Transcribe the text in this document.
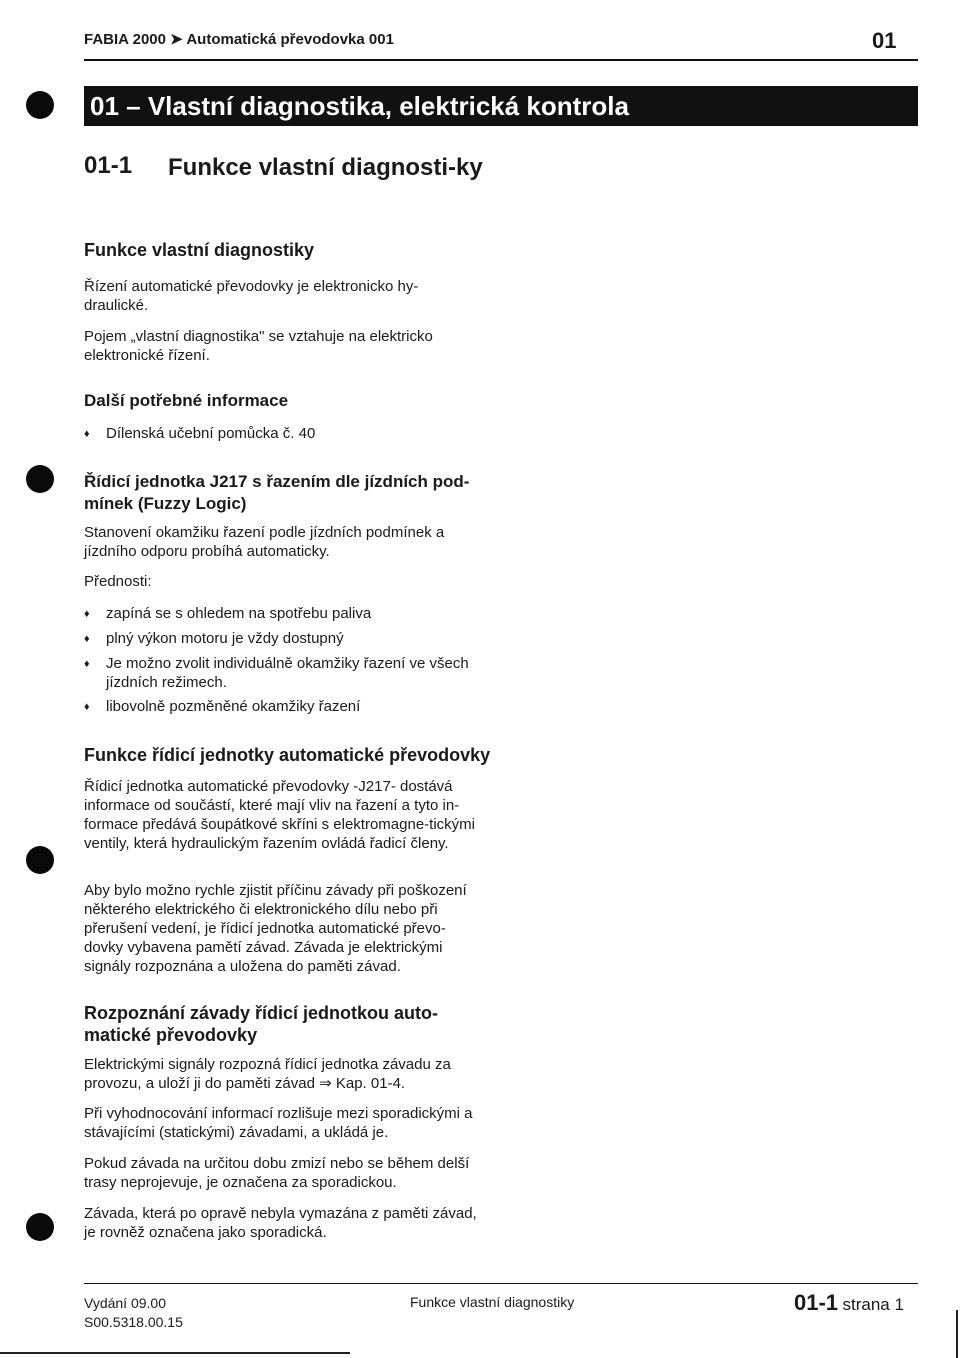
FABIA 2000 ➤ Automatická převodovka 001	01
01 – Vlastní diagnostika, elektrická kontrola
01-1 Funkce vlastní diagnosti-ky
Funkce vlastní diagnostiky
Řízení automatické převodovky je elektronicko hy-draulické.
Pojem „vlastní diagnostika" se vztahuje na elektricko elektronické řízení.
Další potřebné informace
♦ Dílenská učební pomůcka č. 40
Řídicí jednotka J217 s řazením dle jízdních pod-mínek (Fuzzy Logic)
Stanovení okamžiku řazení podle jízdních podmínek a jízdního odporu probíhá automaticky.
Přednosti:
♦ zapíná se s ohledem na spotřebu paliva
♦ plný výkon motoru je vždy dostupný
♦ Je možno zvolit individuálně okamžiky řazení ve všech jízdních režimech.
♦ libovolně pozměněné okamžiky řazení
Funkce řídicí jednotky automatické převodovky
Řídicí jednotka automatické převodovky -J217- dostává informace od součástí, které mají vliv na řazení a tyto in-formace předává šoupátkové skříni s elektromagne-tickými ventily, která hydraulickým řazením ovládá řadicí členy.
Aby bylo možno rychle zjistit příčinu závady při poškození některého elektrického či elektronického dílu nebo při přerušení vedení, je řídicí jednotka automatické převo-dovky vybavena pamětí závad. Závada je elektrickými signály rozpoznána a uložena do paměti závad.
Rozpoznání závady řídicí jednotkou auto-matické převodovky
Elektrickými signály rozpozná řídicí jednotka závadu za provozu, a uloží ji do paměti závad ⇒ Kap. 01-4.
Při vyhodnocování informací rozlišuje mezi sporadickými a stávajícími (statickými) závadami, a ukládá je.
Pokud závada na určitou dobu zmizí nebo se během delší trasy neprojevuje, je označena za sporadickou.
Závada, která po opravě nebyla vymazána z paměti závad, je rovněž označena jako sporadická.
Vydání 09.00
S00.5318.00.15
Funkce vlastní diagnostiky	01-1 strana 1
